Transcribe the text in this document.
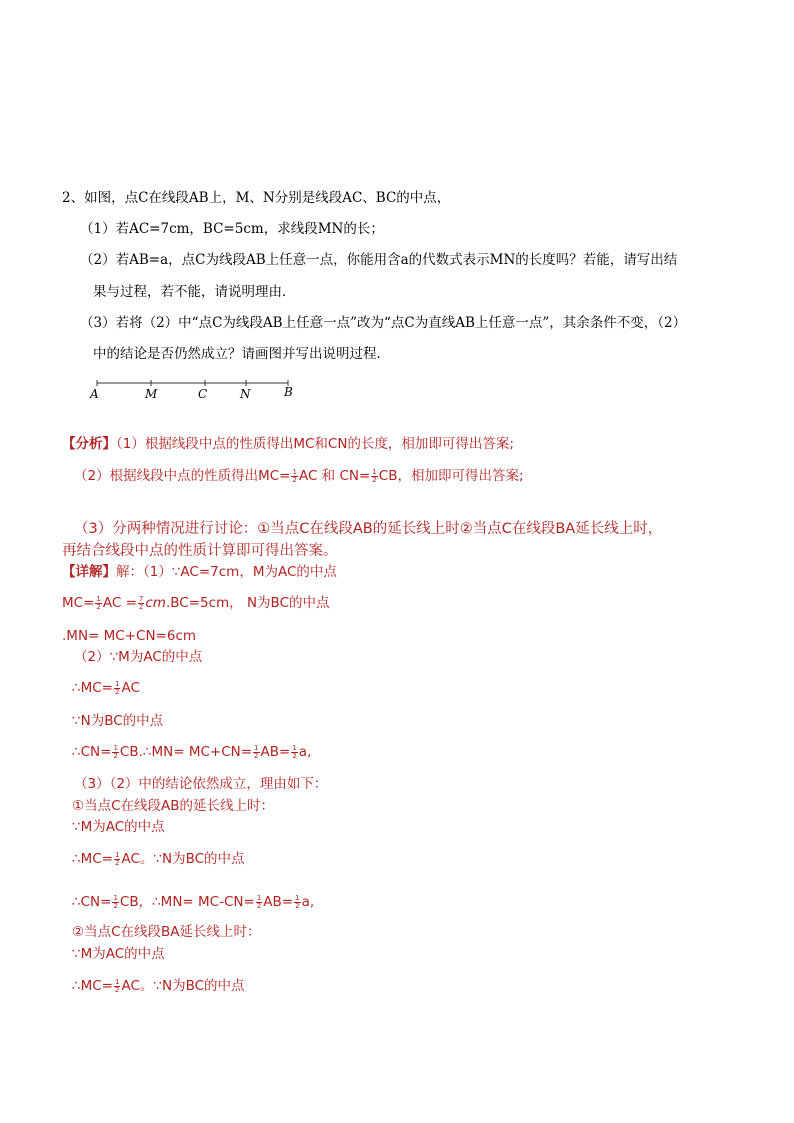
2、如图，点C在线段AB上，M、N分别是线段AC、BC的中点，
（1）若AC=7cm，BC=5cm，求线段MN的长；
（2）若AB=a，点C为线段AB上任意一点，你能用含a的代数式表示MN的长度吗？若能，请写出结
果与过程，若不能，请说明理由．
（3）若将（2）中“点C为线段AB上任意一点”改为“点C为直线AB上任意一点”，其余条件不变，（2）
中的结论是否仍然成立？请画图并写出说明过程．
A	M	C	N	B
【分析】（1）根据线段中点的性质得出MC和CN的长度，相加即可得出答案;
（2）根据线段中点的性质得出$MC= \frac{1}{2}$ AC 和 $CN= \frac{1}{2}$ CB，相加即可得出答案;
（3）分两种情况进行讨论：①当点C在线段AB的延长线上时②当点C在线段BA延长线上时，
再结合线段中点的性质计算即可得出答案。
【详解】解：（1）∵AC=7cm，M为AC的中点
$MC= \frac{1}{2}$ AC = $\frac{7}{2} cm.BC=5cm$， N为BC的中点
.MN= MC+CN=6cm
（2）∵M为AC的中点
∴MC= $\frac{1}{2}$ AC
∵N为BC的中点
∴CN= $\frac{1}{2}$ CB.∴MN= $MC+CN= \frac{1}{2} AB= \frac{1}{2} a$,
（3）（2）中的结论依然成立，理由如下：
①当点C在线段AB的延长线上时：
∵M为AC的中点
∴MC= $\frac{1}{2}$ AC。∵N为BC的中点
∴CN= $\frac{1}{2}$ CB，∴MN= $MC-CN= \frac{1}{2} AB= \frac{1}{2} a$,
②当点C在线段BA延长线上时：
∵M为AC的中点
∴MC= $\frac{1}{2}$ AC。∵N为BC的中点
